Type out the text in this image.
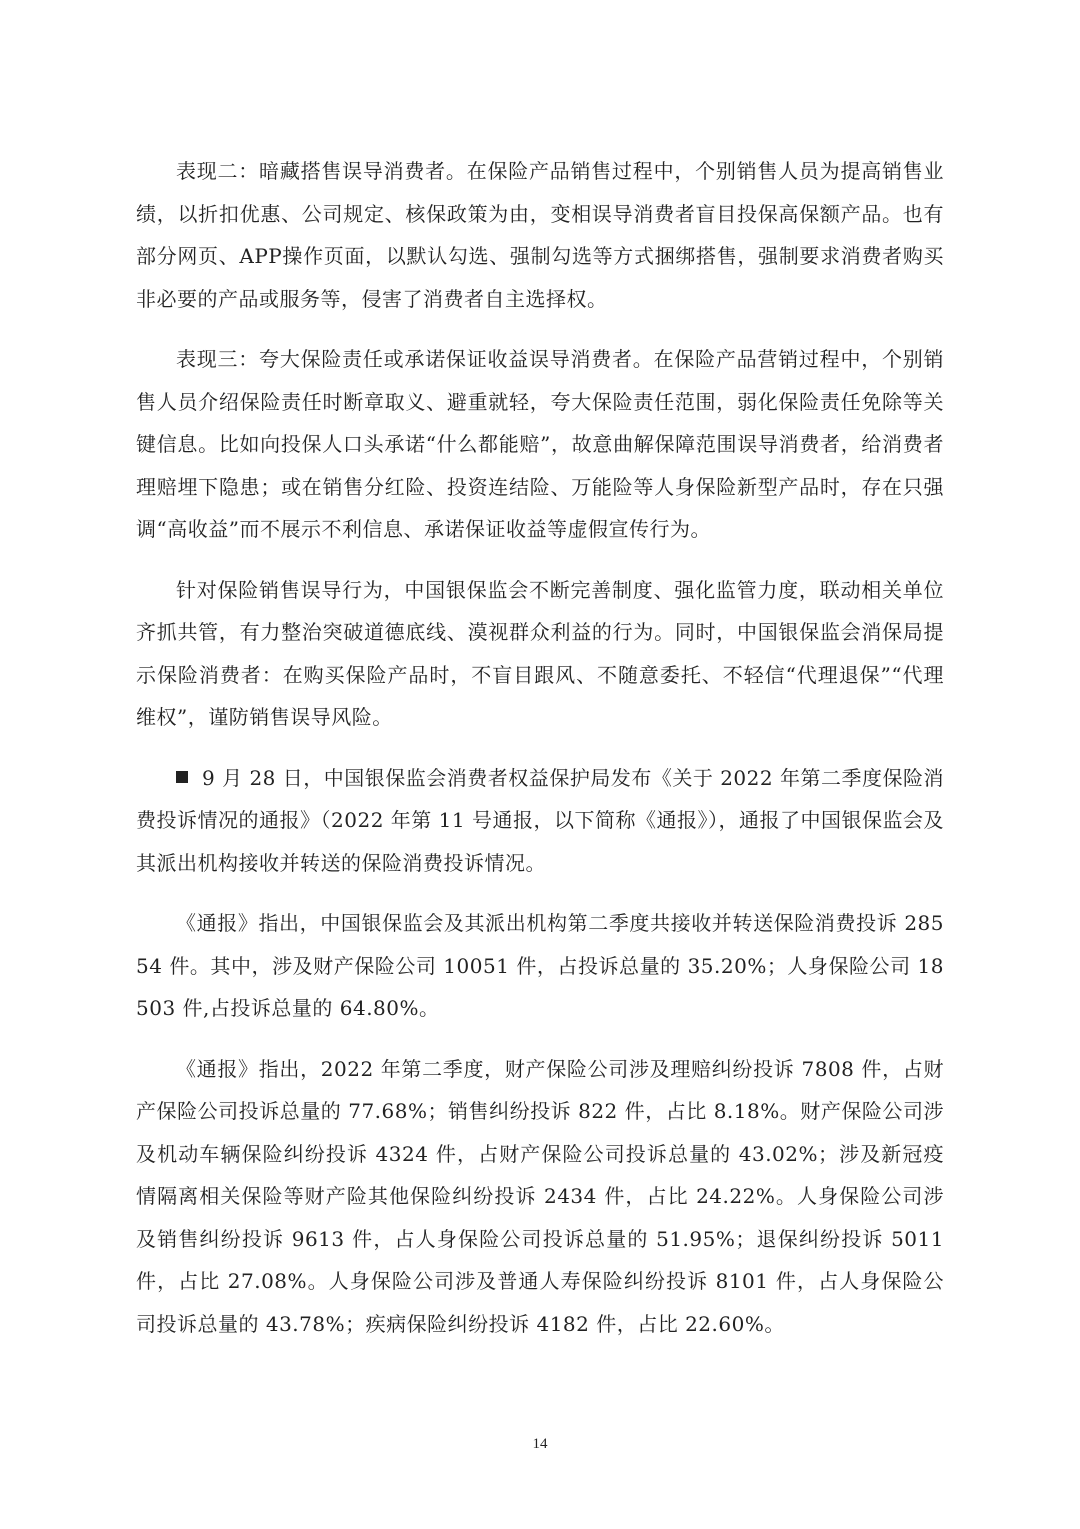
表现二：暗藏搭售误导消费者。在保险产品销售过程中，个别销售人员为提高销售业绩，以折扣优惠、公司规定、核保政策为由，变相误导消费者盲目投保高保额产品。也有部分网页、APP操作页面，以默认勾选、强制勾选等方式捆绑搭售，强制要求消费者购买非必要的产品或服务等，侵害了消费者自主选择权。

表现三：夸大保险责任或承诺保证收益误导消费者。在保险产品营销过程中，个别销售人员介绍保险责任时断章取义、避重就轻，夸大保险责任范围，弱化保险责任免除等关键信息。比如向投保人口头承诺“什么都能赔”，故意曲解保障范围误导消费者，给消费者理赔埋下隐患；或在销售分红险、投资连结险、万能险等人身保险新型产品时，存在只强调“高收益”而不展示不利信息、承诺保证收益等虚假宣传行为。

针对保险销售误导行为，中国银保监会不断完善制度、强化监管力度，联动相关单位齐抓共管，有力整治突破道德底线、漠视群众利益的行为。同时，中国银保监会消保局提示保险消费者：在购买保险产品时，不盲目跟风、不随意委托、不轻信“代理退保”“代理维权”，谨防销售误导风险。

9 月 28 日，中国银保监会消费者权益保护局发布《关于 2022 年第二季度保险消费投诉情况的通报》（2022 年第 11 号通报，以下简称《通报》），通报了中国银保监会及其派出机构接收并转送的保险消费投诉情况。

《通报》指出，中国银保监会及其派出机构第二季度共接收并转送保险消费投诉 28554 件。其中，涉及财产保险公司 10051 件，占投诉总量的 35.20%；人身保险公司 18503 件,占投诉总量的 64.80%。

《通报》指出，2022 年第二季度，财产保险公司涉及理赔纠纷投诉 7808 件，占财产保险公司投诉总量的 77.68%；销售纠纷投诉 822 件，占比 8.18%。财产保险公司涉及机动车辆保险纠纷投诉 4324 件，占财产保险公司投诉总量的 43.02%；涉及新冠疫情隔离相关保险等财产险其他保险纠纷投诉 2434 件，占比 24.22%。人身保险公司涉及销售纠纷投诉 9613 件，占人身保险公司投诉总量的 51.95%；退保纠纷投诉 5011 件，占比 27.08%。人身保险公司涉及普通人寿保险纠纷投诉 8101 件，占人身保险公司投诉总量的 43.78%；疾病保险纠纷投诉 4182 件，占比 22.60%。

14
